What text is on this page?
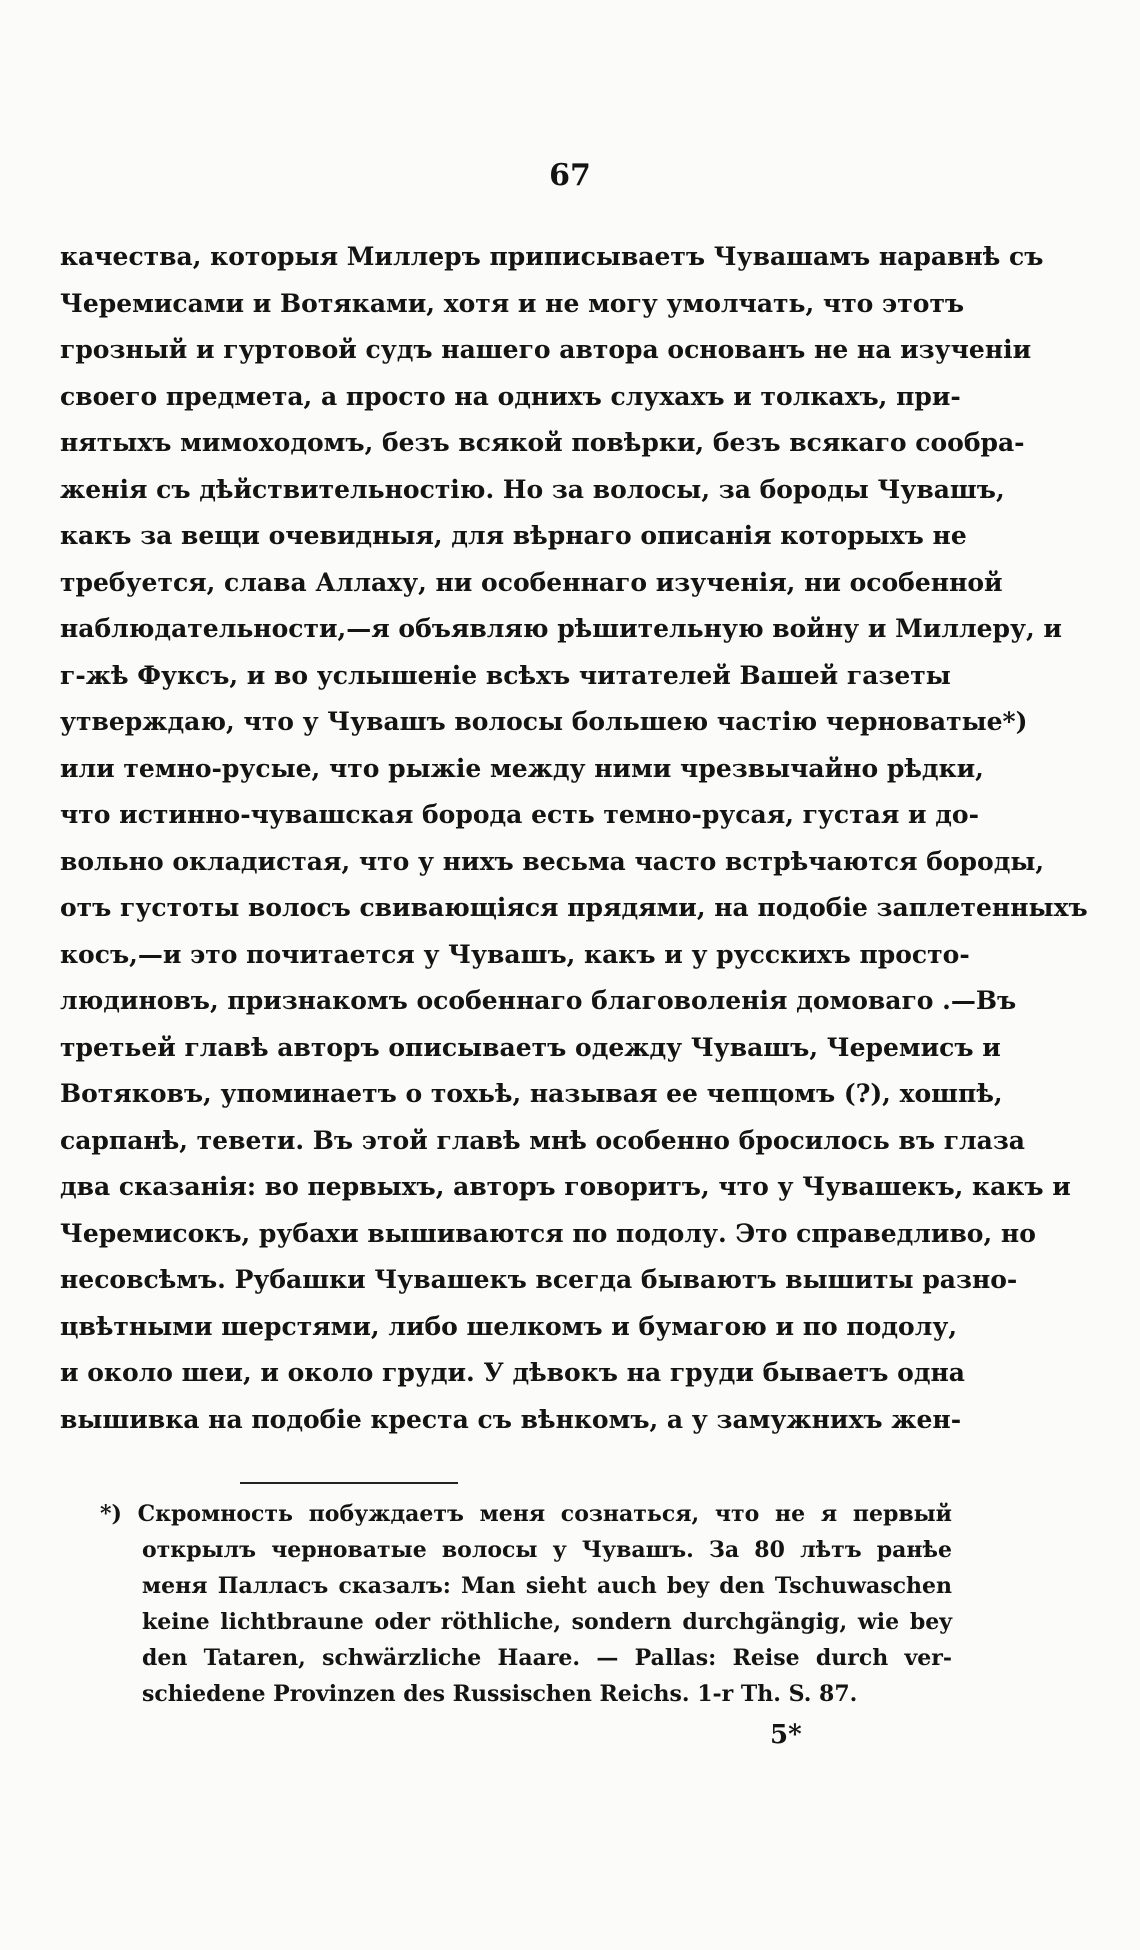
67
качества, которыя Миллеръ приписываетъ Чувашамъ наравнѣ съ
Черемисами и Вотяками, хотя и не могу умолчать, что этотъ
грозный и гуртовой судъ нашего автора основанъ не на изученіи
своего предмета, а просто на однихъ слухахъ и толкахъ, при-
нятыхъ мимоходомъ, безъ всякой повѣрки, безъ всякаго сообра-
женія съ дѣйствительностію. Но за волосы, за бороды Чувашъ,
какъ за вещи очевидныя, для вѣрнаго описанія которыхъ не
требуется, слава Аллаху, ни особеннаго изученія, ни особенной
наблюдательности,—я объявляю рѣшительную войну и Миллеру, и
г-жѣ Фуксъ, и во услышеніе всѣхъ читателей Вашей газеты
утверждаю, что у Чувашъ волосы большею частію черноватые*)
или темно-русые, что рыжіе между ними чрезвычайно рѣдки,
что истинно-чувашская борода есть темно-русая, густая и до-
вольно окладистая, что у нихъ весьма часто встрѣчаются бороды,
отъ густоты волосъ свивающіяся прядями, на подобіе заплетенныхъ
косъ,—и это почитается у Чувашъ, какъ и у русскихъ просто-
людиновъ, признакомъ особеннаго благоволенія домоваго .—Въ
третьей главѣ авторъ описываетъ одежду Чувашъ, Черемисъ и
Вотяковъ, упоминаетъ о тохьѣ, называя ее чепцомъ (?), хошпѣ,
сарпанѣ, тевети. Въ этой главѣ мнѣ особенно бросилось въ глаза
два сказанія: во первыхъ, авторъ говоритъ, что у Чувашекъ, какъ и
Черемисокъ, рубахи вышиваются по подолу. Это справедливо, но
несовсѣмъ. Рубашки Чувашекъ всегда бываютъ вышиты разно-
цвѣтными шерстями, либо шелкомъ и бумагою и по подолу,
и около шеи, и около груди. У дѣвокъ на груди бываетъ одна
вышивка на подобіе креста съ вѣнкомъ, а у замужнихъ жен-
*) Скромность побуждаетъ меня сознаться, что не я первый
открылъ черноватые волосы у Чувашъ. За 80 лѣтъ ранѣе
меня Палласъ сказалъ: Man sieht auch bey den Tschuwaschen
keine lichtbraune oder röthliche, sondern durchgängig, wie bey
den Tataren, schwärzliche Haare. — Pallas: Reise durch ver-
schiedene Provinzen des Russischen Reichs. 1-r Th. S. 87.
5*
